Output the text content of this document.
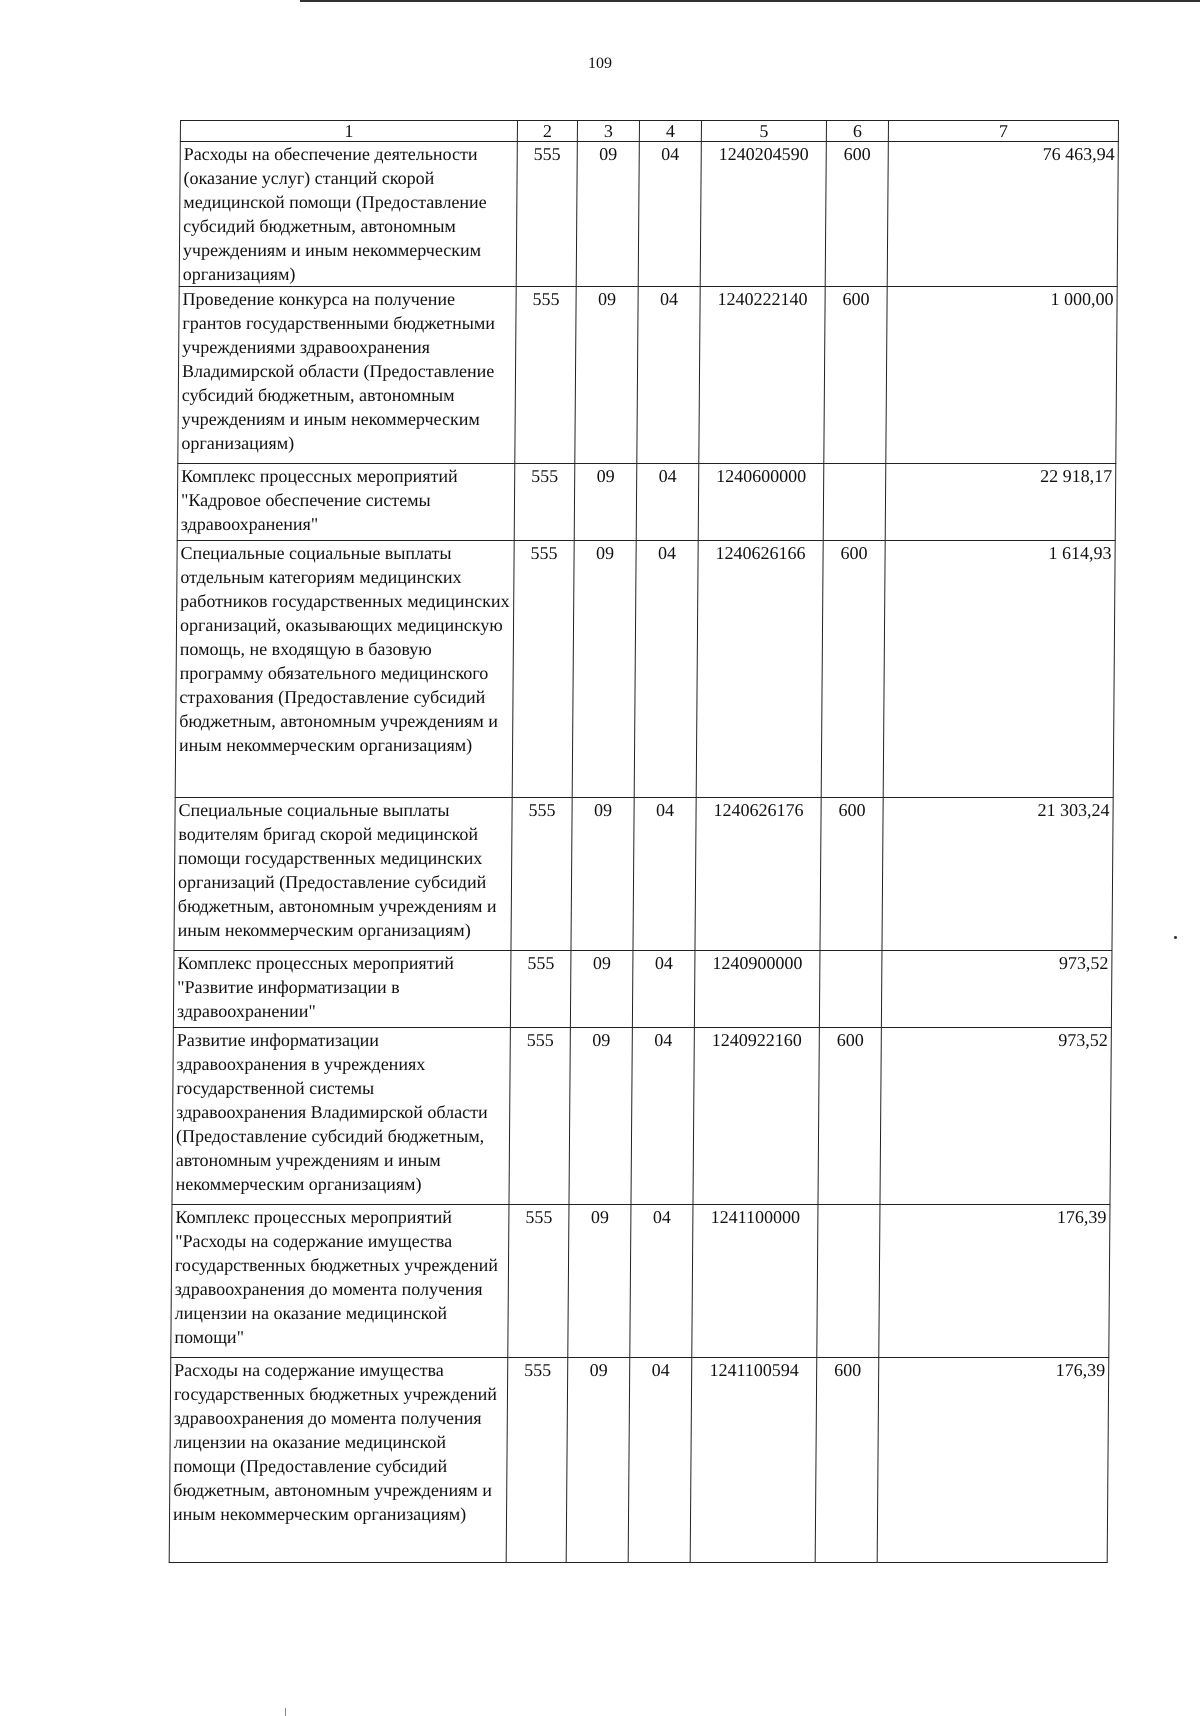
109
1	2	3	4	5	6	7
Расходы на обеспечение деятельности (оказание услуг) станций скорой медицинской помощи (Предоставление субсидий бюджетным, автономным учреждениям и иным некоммерческим организациям)	555	09	04	1240204590	600	76 463,94
Проведение конкурса на получение грантов государственными бюджетными учреждениями здравоохранения Владимирской области (Предоставление субсидий бюджетным, автономным учреждениям и иным некоммерческим организациям)	555	09	04	1240222140	600	1 000,00
Комплекс процессных мероприятий "Кадровое обеспечение системы здравоохранения"	555	09	04	1240600000		22 918,17
Специальные социальные выплаты отдельным категориям медицинских работников государственных медицинских организаций, оказывающих медицинскую помощь, не входящую в базовую программу обязательного медицинского страхования (Предоставление субсидий бюджетным, автономным учреждениям и иным некоммерческим организациям)	555	09	04	1240626166	600	1 614,93
Специальные социальные выплаты водителям бригад скорой медицинской помощи государственных медицинских организаций (Предоставление субсидий бюджетным, автономным учреждениям и иным некоммерческим организациям)	555	09	04	1240626176	600	21 303,24
Комплекс процессных мероприятий "Развитие информатизации в здравоохранении"	555	09	04	1240900000		973,52
Развитие информатизации здравоохранения в учреждениях государственной системы здравоохранения Владимирской области (Предоставление субсидий бюджетным, автономным учреждениям и иным некоммерческим организациям)	555	09	04	1240922160	600	973,52
Комплекс процессных мероприятий "Расходы на содержание имущества государственных бюджетных учреждений здравоохранения до момента получения лицензии на оказание медицинской помощи"	555	09	04	1241100000		176,39
Расходы на содержание имущества государственных бюджетных учреждений здравоохранения до момента получения лицензии на оказание медицинской помощи (Предоставление субсидий бюджетным, автономным учреждениям и иным некоммерческим организациям)	555	09	04	1241100594	600	176,39
